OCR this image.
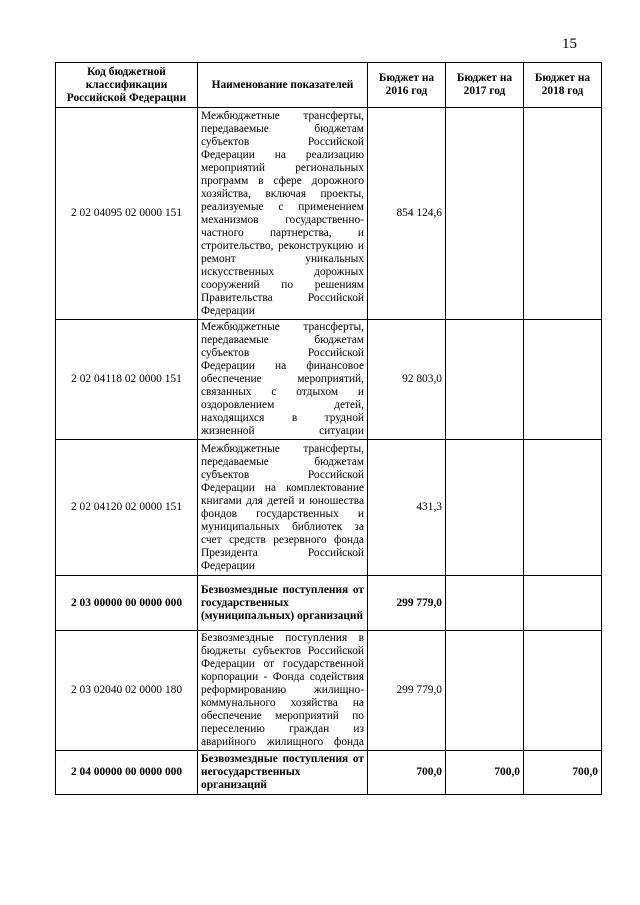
15
Код бюджетной классификации Российской Федерации	Наименование показателей	Бюджет на 2016 год	Бюджет на 2017 год	Бюджет на 2018 год
2 02 04095 02 0000 151	Межбюджетные трансферты, передаваемые бюджетам субъектов Российской Федерации на реализацию мероприятий региональных программ в сфере дорожного хозяйства, включая проекты, реализуемые с применением механизмов государственно-частного партнерства, и строительство, реконструкцию и ремонт уникальных искусственных дорожных сооружений по решениям Правительства Российской Федерации	854 124,6		
2 02 04118 02 0000 151	Межбюджетные трансферты, передаваемые бюджетам субъектов Российской Федерации на финансовое обеспечение мероприятий, связанных с отдыхом и оздоровлением детей, находящихся в трудной жизненной ситуации	92 803,0		
2 02 04120 02 0000 151	Межбюджетные трансферты, передаваемые бюджетам субъектов Российской Федерации на комплектование книгами для детей и юношества фондов государственных и муниципальных библиотек за счет средств резервного фонда Президента Российской Федерации	431,3		
2 03 00000 00 0000 000	Безвозмездные поступления от государственных (муниципальных) организаций	299 779,0		
2 03 02040 02 0000 180	Безвозмездные поступления в бюджеты субъектов Российской Федерации от государственной корпорации - Фонда содействия реформированию жилищно-коммунального хозяйства на обеспечение мероприятий по переселению граждан из аварийного жилищного фонда	299 779,0		
2 04 00000 00 0000 000	Безвозмездные поступления от негосударственных организаций	700,0	700,0	700,0
